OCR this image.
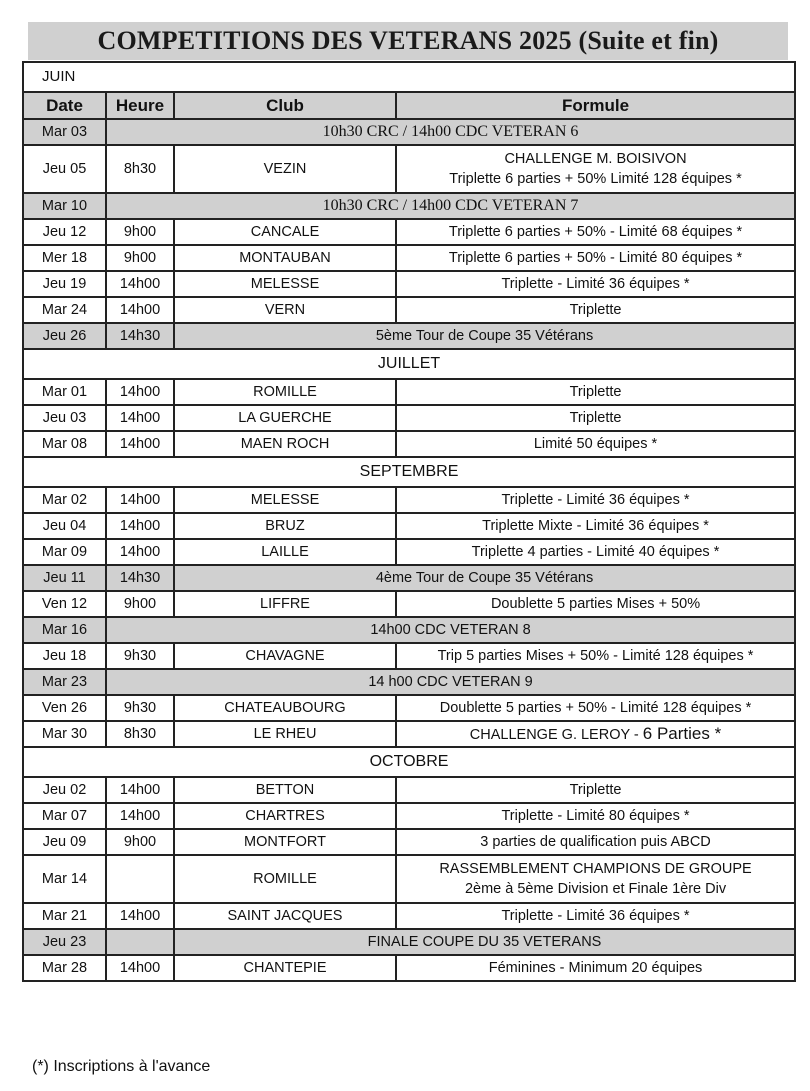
COMPETITIONS DES VETERANS 2025 (Suite et fin)
JUIN			
Date	Heure	Club	Formule
Mar 03	10h30 CRC / 14h00 CDC VETERAN 6		
Jeu 05	8h30	VEZIN	CHALLENGE M. BOISIVON
Triplette 6 parties + 50% Limité 128 équipes *

Mar 10	10h30 CRC / 14h00 CDC VETERAN 7		
Jeu 12	9h00	CANCALE	Triplette 6 parties + 50% - Limité 68 équipes *
Mer 18	9h00	MONTAUBAN	Triplette 6 parties + 50% - Limité 80 équipes *
Jeu 19	14h00	MELESSE	Triplette - Limité 36 équipes *
Mar 24	14h00	VERN	Triplette
Jeu 26	14h30	5ème Tour de Coupe 35 Vétérans	
JUILLET			
Mar 01	14h00	ROMILLE	Triplette
Jeu 03	14h00	LA GUERCHE	Triplette
Mar 08	14h00	MAEN ROCH	Limité 50 équipes *
SEPTEMBRE			
Mar 02	14h00	MELESSE	Triplette - Limité 36 équipes *
Jeu 04	14h00	BRUZ	Triplette Mixte - Limité 36 équipes *
Mar 09	14h00	LAILLE	Triplette 4 parties - Limité 40 équipes *
Jeu 11	14h30	4ème Tour de Coupe 35 Vétérans	
Ven 12	9h00	LIFFRE	Doublette 5 parties Mises + 50%
Mar 16	14h00 CDC VETERAN 8		
Jeu 18	9h30	CHAVAGNE	Trip 5 parties Mises + 50% - Limité 128 équipes *
Mar 23	14 h00 CDC VETERAN 9		
Ven 26	9h30	CHATEAUBOURG	Doublette 5 parties + 50% - Limité 128 équipes *
Mar 30	8h30	LE RHEU	CHALLENGE G. LEROY - 6 Parties *
OCTOBRE			
Jeu 02	14h00	BETTON	Triplette
Mar 07	14h00	CHARTRES	Triplette - Limité 80 équipes *
Jeu 09	9h00	MONTFORT	3 parties de qualification puis ABCD
Mar 14		ROMILLE	RASSEMBLEMENT CHAMPIONS DE GROUPE
2ème à 5ème Division et Finale 1ère Div

Mar 21	14h00	SAINT JACQUES	Triplette - Limité 36 équipes *
Jeu 23		FINALE COUPE DU 35 VETERANS	
Mar 28	14h00	CHANTEPIE	Féminines - Minimum 20 équipes
(*) Inscriptions à l'avance
